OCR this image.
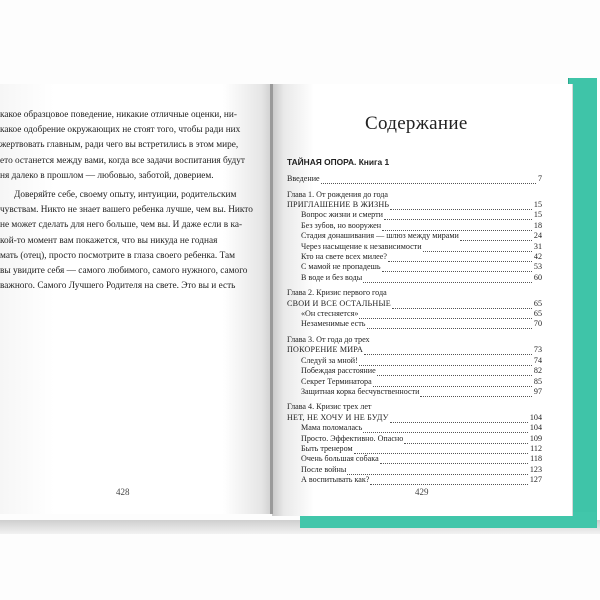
какое образцовое поведение, никакие отличные оценки, ни-
какое одобрение окружающих не стоят того, чтобы ради них
жертвовать главным, ради чего вы встретились в этом мире,
ето останется между вами, когда все задачи воспитания будут
ня далеко в прошлом — любовью, заботой, доверием.
Доверяйте себе, своему опыту, интуиции, родительским
чувствам. Никто не знает вашего ребенка лучше, чем вы. Никто
не может сделать для него больше, чем вы. И даже если в ка-
кой-то момент вам покажется, что вы никуда не годная
мать (отец), просто посмотрите в глаза своего ребенка. Там
вы увидите себя — самого любимого, самого нужного, самого
важного. Самого Лучшего Родителя на свете. Это вы и есть
428
Содержание
ТАЙНАЯ ОПОРА. Книга 1
Введение	7
Глава 1. От рождения до года
ПРИГЛАШЕНИЕ В ЖИЗНЬ	15
Вопрос жизни и смерти	15
Без зубов, но вооружен	18
Стадия донашивания — шлюз между мирами	24
Через насыщение к независимости	31
Кто на свете всех милее?	42
С мамой не пропадешь	53
В воде и без воды	60
Глава 2. Кризис первого года
СВОИ И ВСЕ ОСТАЛЬНЫЕ	65
«Он стесняется»	65
Незаменимые есть	70
Глава 3. От года до трех
ПОКОРЕНИЕ МИРА	73
Следуй за мной!	74
Побеждая расстояние	82
Секрет Терминатора	85
Защитная корка бесчувственности	97
Глава 4. Кризис трех лет
НЕТ, НЕ ХОЧУ И НЕ БУДУ	104
Мама поломалась	104
Просто. Эффективно. Опасно	109
Быть тренером	112
Очень большая собака	118
После войны	123
А воспитывать как?	127
429
